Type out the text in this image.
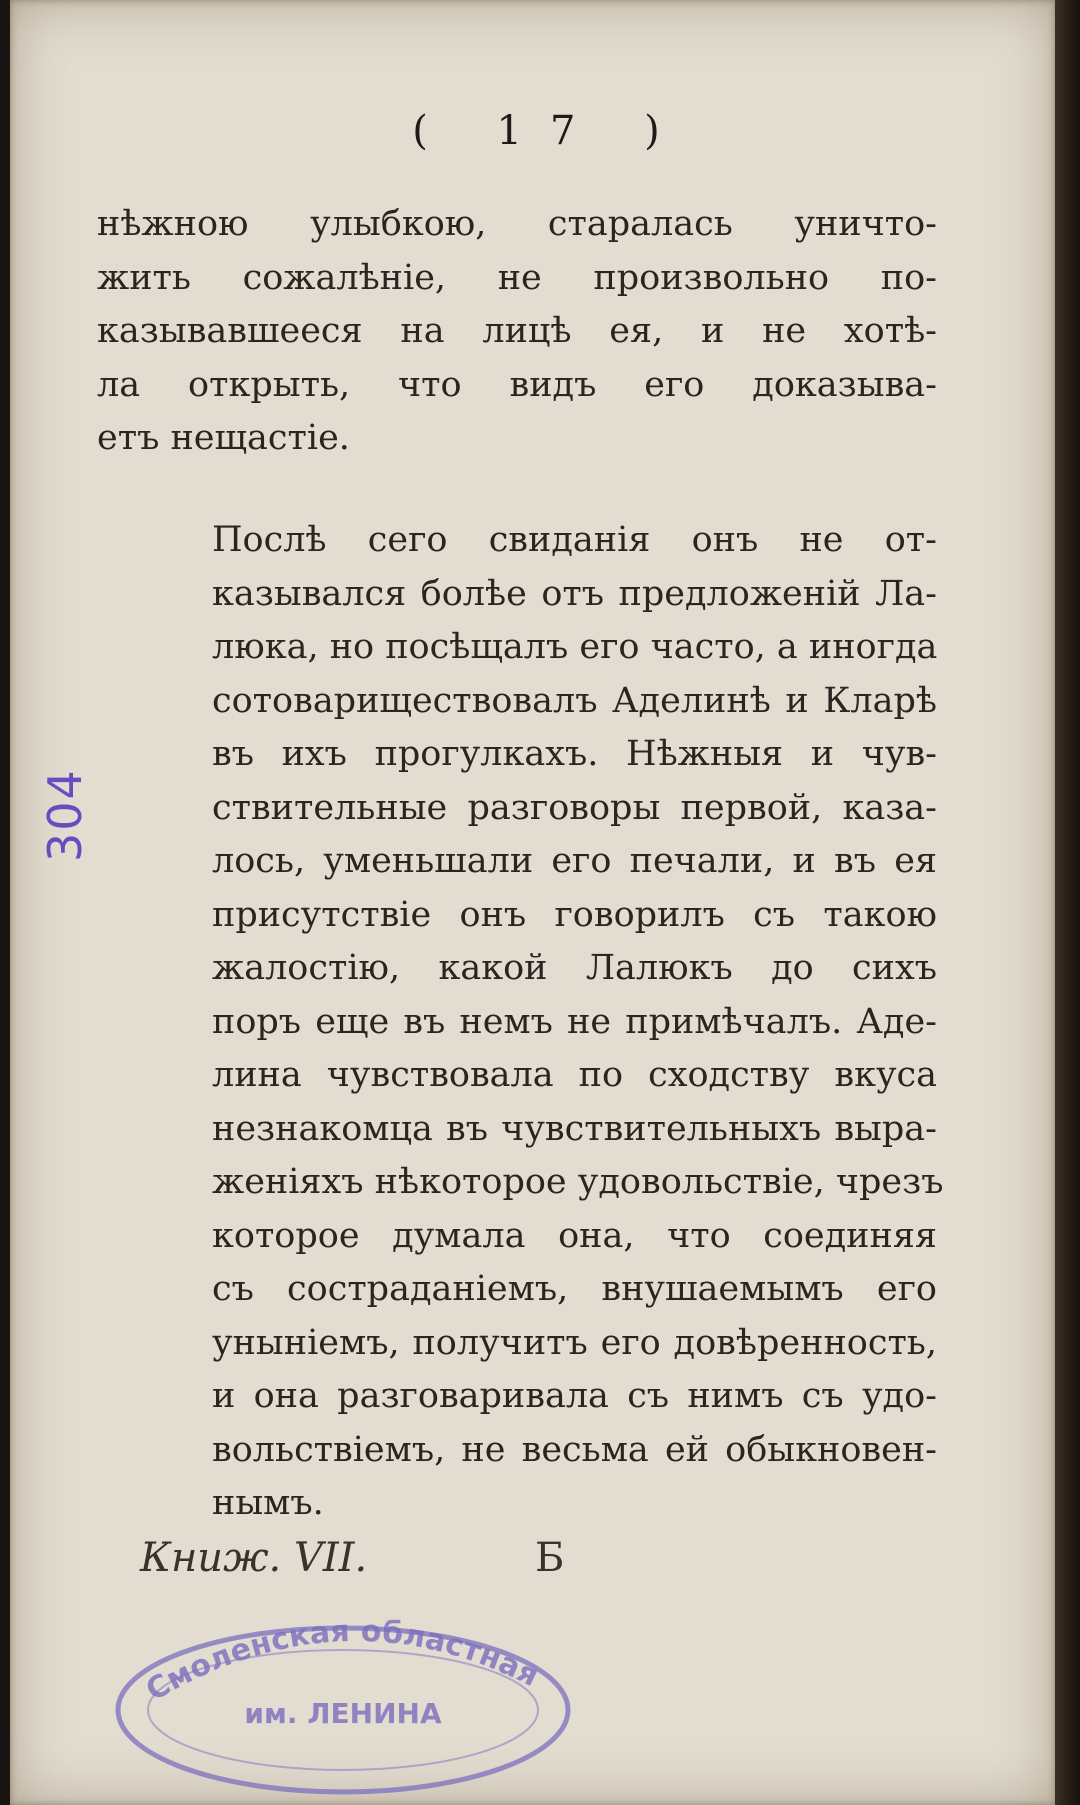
( 17 )
нѣжною улыбкою, старалась уничто-
жить сожалѣніе, не произвольно по-
казывавшееся на лицѣ ея, и не хотѣ-
ла открыть, что видъ его доказыва-
етъ нещастіе.
Послѣ сего свиданія онъ не от-
казывался болѣе отъ предложеній Ла-
люка, но посѣщалъ его часто, а иногда
сотовариществовалъ Аделинѣ и Кларѣ
въ ихъ прогулкахъ. Нѣжныя и чув-
ствительные разговоры первой, каза-
лось, уменьшали его печали, и въ ея
присутствіе онъ говорилъ съ такою
жалостію, какой Лалюкъ до сихъ
поръ еще въ немъ не примѣчалъ. Аде-
лина чувствовала по сходству вкуса
незнакомца въ чувствительныхъ выра-
женіяхъ нѣкоторое удовольствіе, чрезъ
которое думала она, что соединяя
съ состраданіемъ, внушаемымъ его
уныніемъ, получитъ его довѣренность,
и она разговаривала съ нимъ съ удо-
вольствіемъ, не весьма ей обыкновен-
нымъ.
304
Книж. VII.	Б
Смоленская областная
им. ЛЕНИНА
